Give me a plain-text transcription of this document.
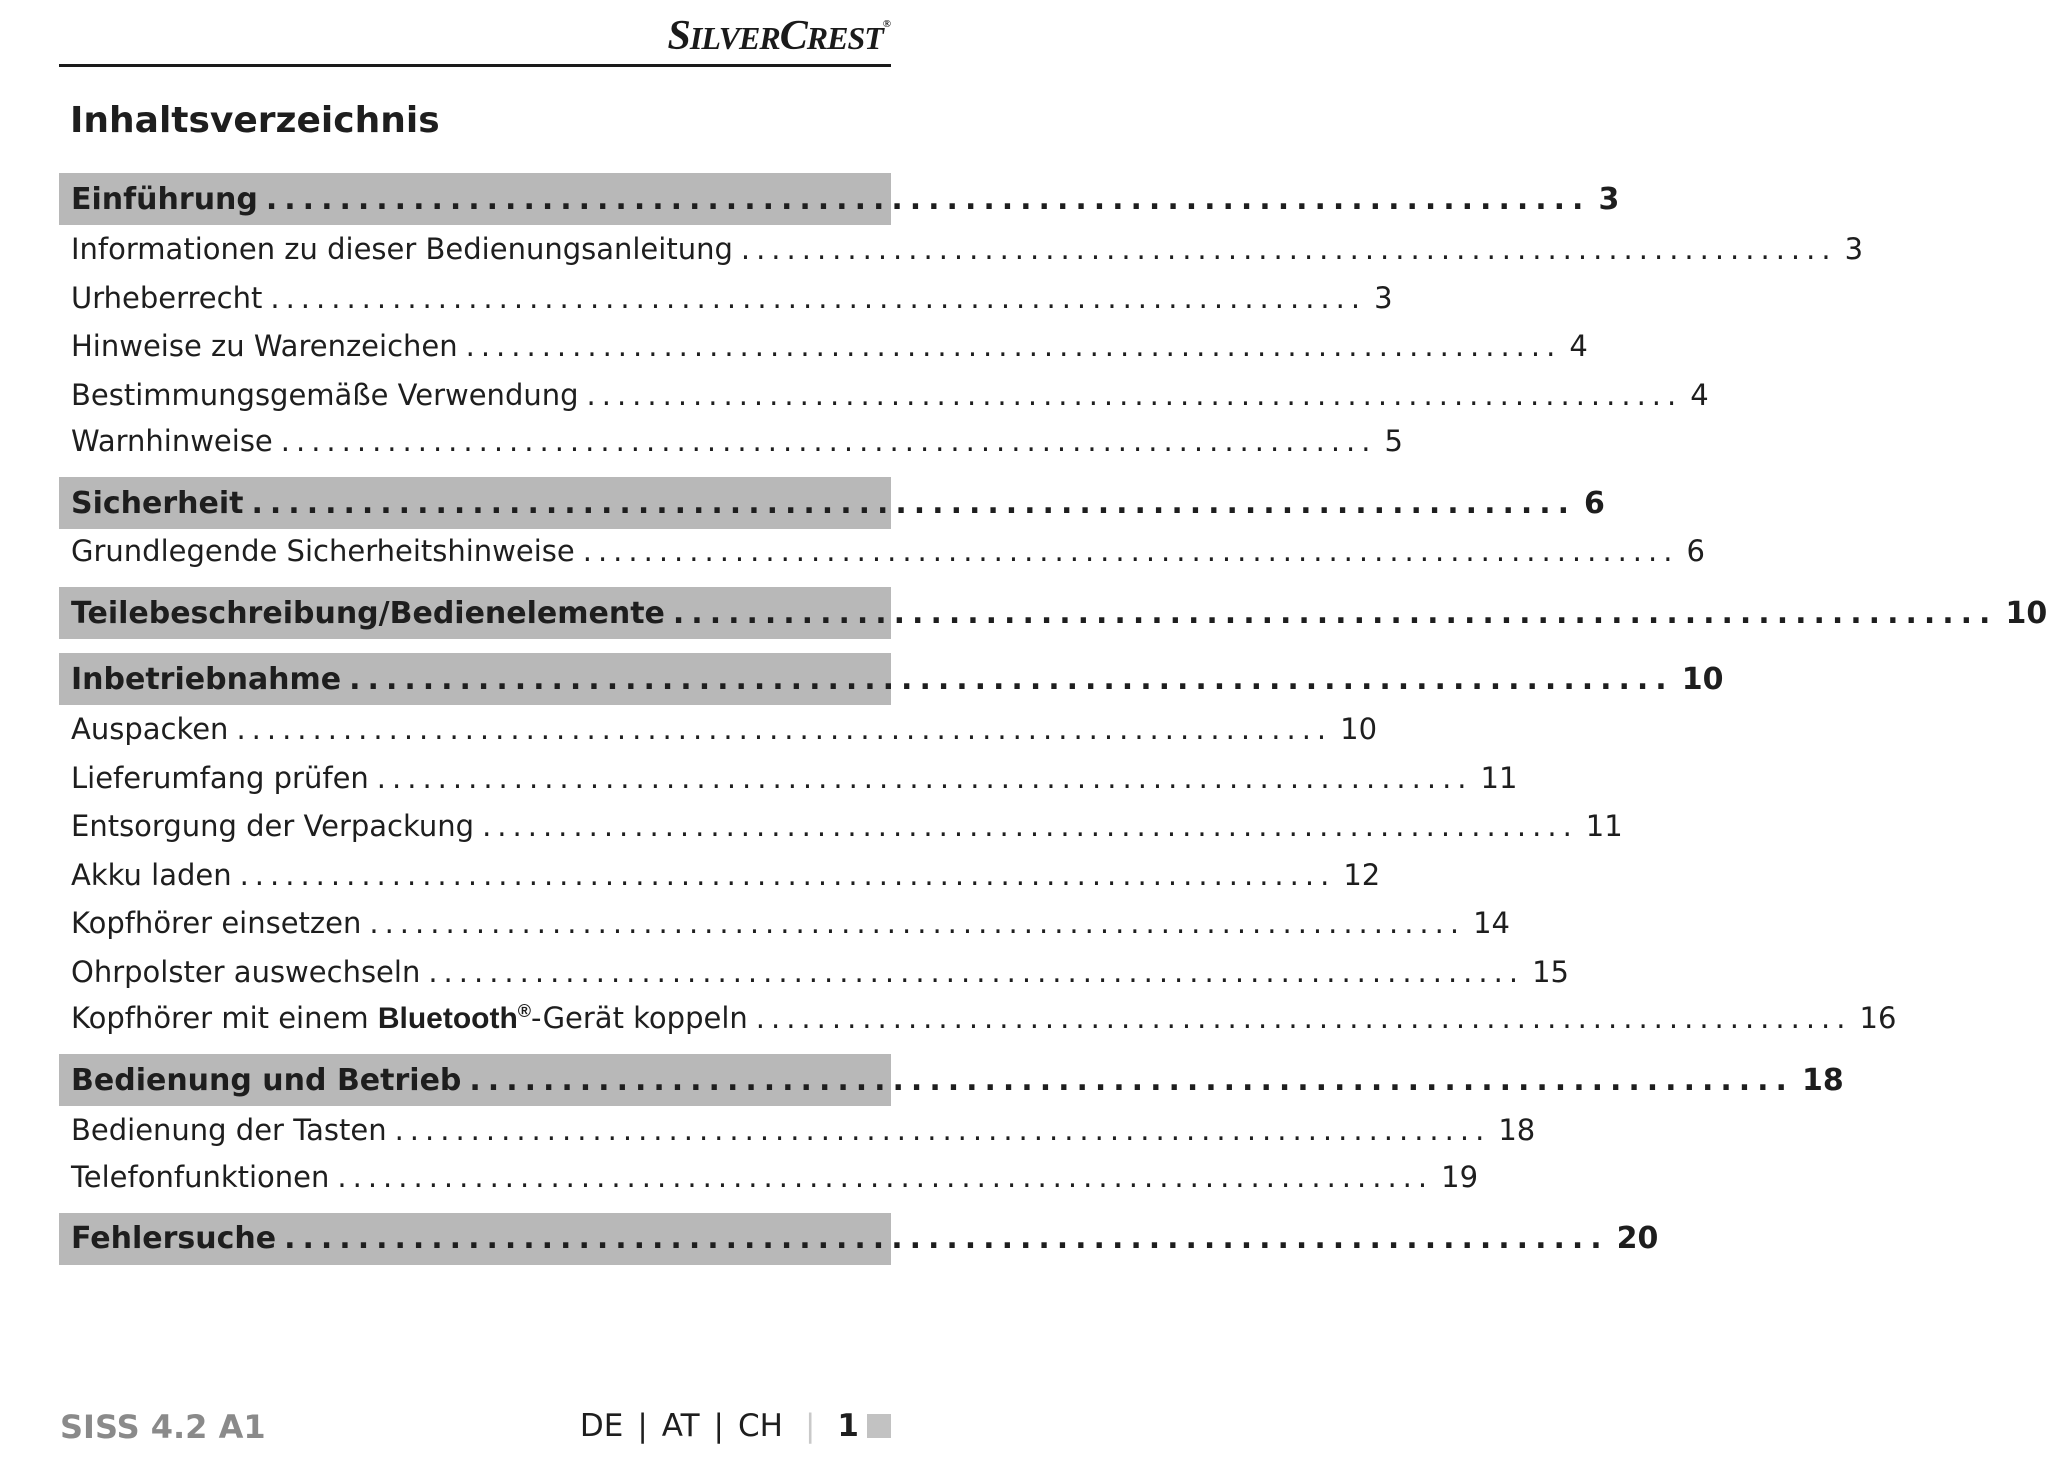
SILVERCREST®
Inhaltsverzeichnis
Einführung ........................................................................ 3
Informationen zu dieser Bedienungsanleitung ........................................................................ 3
Urheberrecht ........................................................................ 3
Hinweise zu Warenzeichen ........................................................................ 4
Bestimmungsgemäße Verwendung ........................................................................ 4
Warnhinweise ........................................................................ 5
Sicherheit ........................................................................ 6
Grundlegende Sicherheitshinweise ........................................................................ 6
Teilebeschreibung/Bedienelemente ........................................................................ 10
Inbetriebnahme ........................................................................ 10
Auspacken ........................................................................ 10
Lieferumfang prüfen ........................................................................ 11
Entsorgung der Verpackung ........................................................................ 11
Akku laden ........................................................................ 12
Kopfhörer einsetzen ........................................................................ 14
Ohrpolster auswechseln ........................................................................ 15
Kopfhörer mit einem Bluetooth®-Gerät koppeln ........................................................................ 16
Bedienung und Betrieb ........................................................................ 18
Bedienung der Tasten ........................................................................ 18
Telefonfunktionen ........................................................................ 19
Fehlersuche ........................................................................ 20
SISS 4.2 A1	DE | AT | CH | 1
